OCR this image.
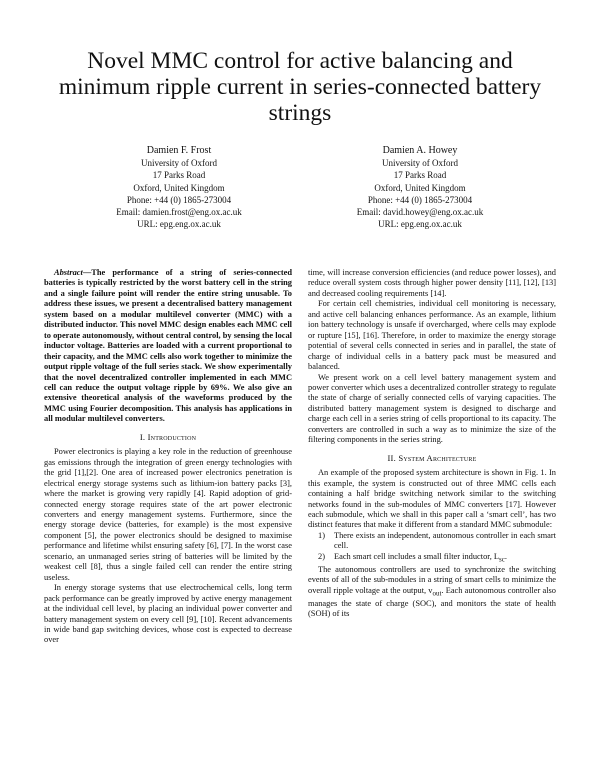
Novel MMC control for active balancing and minimum ripple current in series-connected battery strings
Damien F. Frost
University of Oxford
17 Parks Road
Oxford, United Kingdom
Phone: +44 (0) 1865-273004
Email: damien.frost@eng.ox.ac.uk
URL: epg.eng.ox.ac.uk
Damien A. Howey
University of Oxford
17 Parks Road
Oxford, United Kingdom
Phone: +44 (0) 1865-273004
Email: david.howey@eng.ox.ac.uk
URL: epg.eng.ox.ac.uk

Abstract—The performance of a string of series-connected batteries is typically restricted by the worst battery cell in the string and a single failure point will render the entire string unusable. To address these issues, we present a decentralised battery management system based on a modular multilevel converter (MMC) with a distributed inductor. This novel MMC design enables each MMC cell to operate autonomously, without central control, by sensing the local inductor voltage. Batteries are loaded with a current proportional to their capacity, and the MMC cells also work together to minimize the output ripple voltage of the full series stack. We show experimentally that the novel decentralized controller implemented in each MMC cell can reduce the output voltage ripple by 69%. We also give an extensive theoretical analysis of the waveforms produced by the MMC using Fourier decomposition. This analysis has applications in all modular multilevel converters.

I. Introduction

Power electronics is playing a key role in the reduction of greenhouse gas emissions through the integration of green energy technologies with the grid [1],[2]. One area of increased power electronics penetration is electrical energy storage systems such as lithium-ion battery packs [3], where the market is growing very rapidly [4]. Rapid adoption of grid-connected energy storage requires state of the art power electronic converters and energy management systems. Furthermore, since the energy storage device (batteries, for example) is the most expensive component [5], the power electronics should be designed to maximise performance and lifetime whilst ensuring safety [6], [7]. In the worst case scenario, an unmanaged series string of batteries will be limited by the weakest cell [8], thus a single failed cell can render the entire string useless.

In energy storage systems that use electrochemical cells, long term pack performance can be greatly improved by active energy management at the individual cell level, by placing an individual power converter and battery management system on every cell [9], [10]. Recent advancements in wide band gap switching devices, whose cost is expected to decrease over

time, will increase conversion efficiencies (and reduce power losses), and reduce overall system costs through higher power density [11], [12], [13] and decreased cooling requirements [14].

For certain cell chemistries, individual cell monitoring is necessary, and active cell balancing enhances performance. As an example, lithium ion battery technology is unsafe if overcharged, where cells may explode or rupture [15], [16]. Therefore, in order to maximize the energy storage potential of several cells connected in series and in parallel, the state of charge of individual cells in a battery pack must be measured and balanced.

We present work on a cell level battery management system and power converter which uses a decentralized controller strategy to regulate the state of charge of serially connected cells of varying capacities. The distributed battery management system is designed to discharge and charge each cell in a series string of cells proportional to its capacity. The converters are controlled in such a way as to minimize the size of the filtering components in the series string.

II. System Architecture

An example of the proposed system architecture is shown in Fig. 1. In this example, the system is constructed out of three MMC cells each containing a half bridge switching network similar to the switching networks found in the sub-modules of MMC converters [17]. However each submodule, which we shall in this paper call a ‘smart cell’, has two distinct features that make it different from a standard MMC submodule:

1) There exists an independent, autonomous controller in each smart cell.
2) Each smart cell includes a small filter inductor, $L_{sc}$.

The autonomous controllers are used to synchronize the switching events of all of the sub-modules in a string of smart cells to minimize the overall ripple voltage at the output, $v_{out}$. Each autonomous controller also manages the state of charge (SOC), and monitors the state of health (SOH) of its
